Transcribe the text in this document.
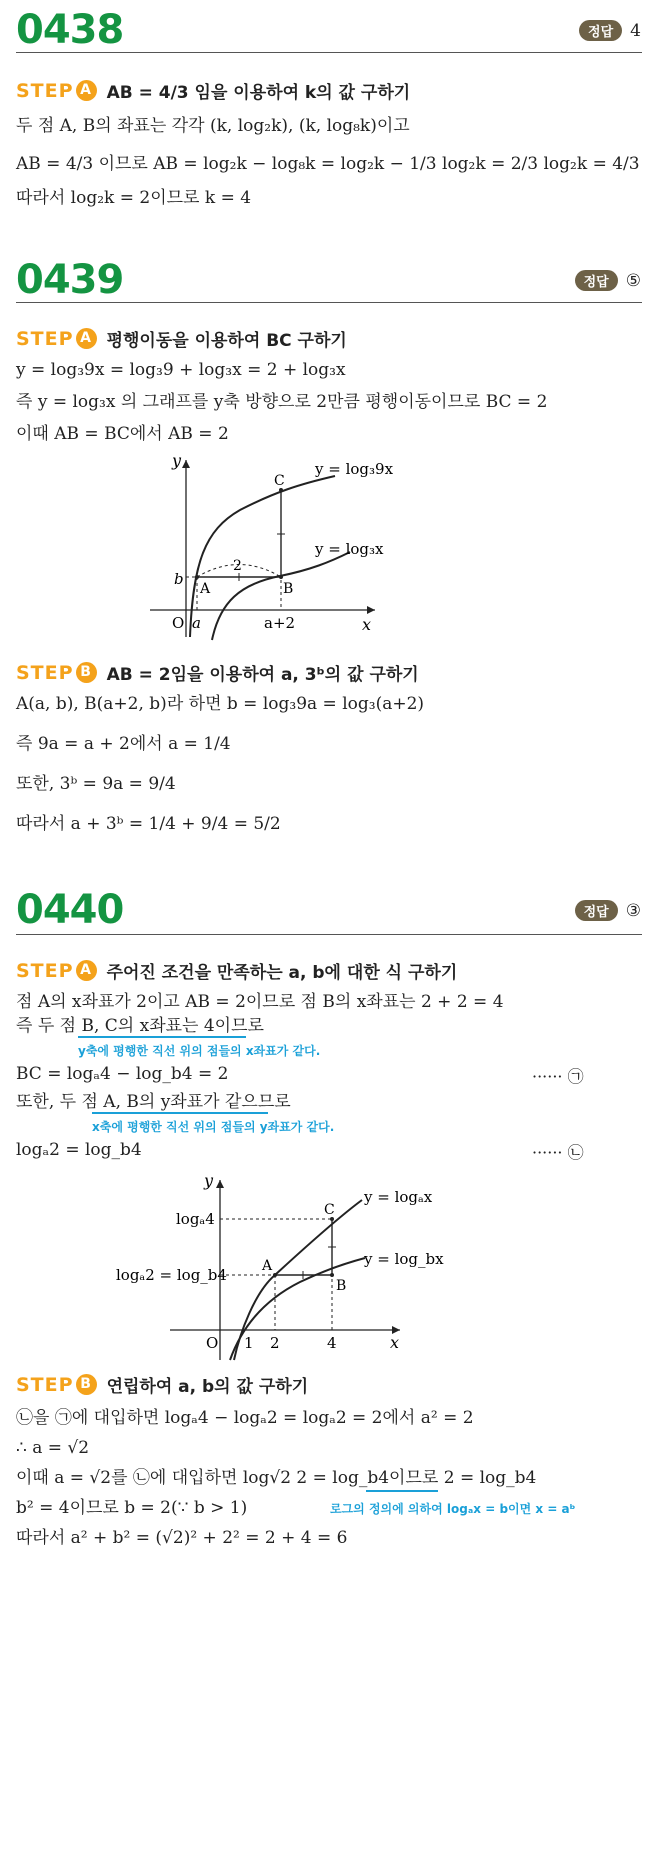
0438	정답	4
STEP A AB = 4/3 임을 이용하여 k의 값 구하기
두 점 A, B의 좌표는 각각 (k, log₂k), (k, log₈k)이고
AB = 4/3 이므로 AB = log₂k − log₈k = log₂k − 1/3 log₂k = 2/3 log₂k = 4/3
따라서 log₂k = 2이므로 k = 4
0439	정답	⑤
STEP A 평행이동을 이용하여 BC 구하기
y = log₃9x = log₃9 + log₃x = 2 + log₃x
즉 y = log₃x 의 그래프를 y축 방향으로 2만큼 평행이동이므로 BC = 2
이때 AB = BC에서 AB = 2
y
x
O a	a+2
b
A	B
C
2
y = log₃9x
y = log₃x
STEP B AB = 2임을 이용하여 a, 3ᵇ의 값 구하기
A(a, b), B(a+2, b)라 하면 b = log₃9a = log₃(a+2)
즉 9a = a + 2에서 a = 1/4
또한, 3ᵇ = 9a = 9/4
따라서 a + 3ᵇ = 1/4 + 9/4 = 5/2
0440	정답	③
STEP A 주어진 조건을 만족하는 a, b에 대한 식 구하기
점 A의 x좌표가 2이고 AB = 2이므로 점 B의 x좌표는 2 + 2 = 4
즉 두 점 B, C의 x좌표는 4이므로
y축에 평행한 직선 위의 점들의 x좌표가 같다.
BC = logₐ4 − log_b4 = 2	······ ㉠
또한, 두 점 A, B의 y좌표가 같으므로
x축에 평행한 직선 위의 점들의 y좌표가 같다.
logₐ2 = log_b4	······ ㉡
y
x
O 1 2	4
logₐ4
logₐ2 = log_b4	A
B
C
y = logₐx
y = log_bx
STEP B 연립하여 a, b의 값 구하기
㉡을 ㉠에 대입하면 logₐ4 − logₐ2 = logₐ2 = 2에서 a² = 2
∴ a = √2
이때 a = √2를 ㉡에 대입하면 log√2 2 = log_b4이므로 2 = log_b4
b² = 4이므로 b = 2(∵ b > 1)	로그의 정의에 의하여 logₐx = b이면 x = aᵇ
따라서 a² + b² = (√2)² + 2² = 2 + 4 = 6
